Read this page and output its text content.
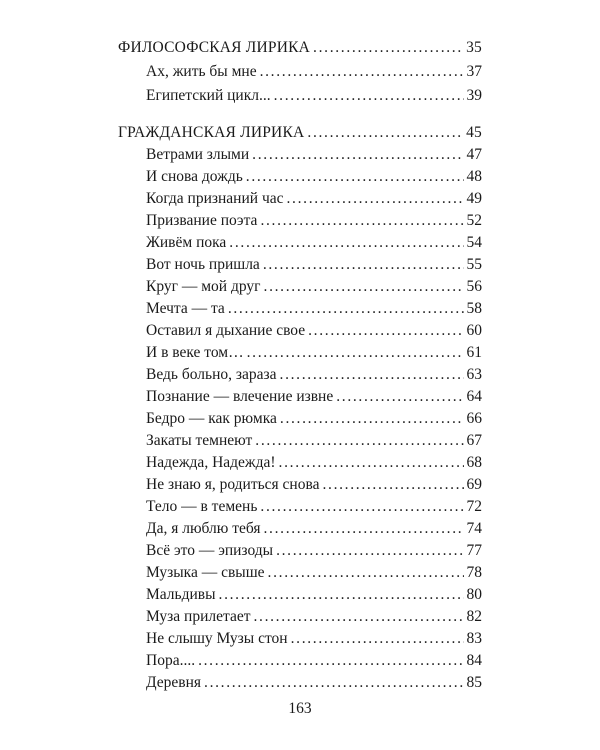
ФИЛОСОФСКАЯ ЛИРИКА . . .	35
Ах, жить бы мне . . .	37
Египетский цикл... . . .	39
ГРАЖДАНСКАЯ ЛИРИКА . . .	45
Ветрами злыми . . .	47
И снова дождь . . .	48
Когда признаний час . . .	49
Призвание поэта . . .	52
Живём пока . . .	54
Вот ночь пришла . . .	55
Круг — мой друг . . .	56
Мечта — та . . .	58
Оставил я дыхание свое . . .	60
И в веке том… . . .	61
Ведь больно, зараза . . .	63
Познание — влечение извне . . .	64
Бедро — как рюмка . . .	66
Закаты темнеют . . .	67
Надежда, Надежда! . . .	68
Не знаю я, родиться снова . . .	69
Тело — в темень . . .	72
Да, я люблю тебя . . .	74
Всё это — эпизоды . . .	77
Музыка — свыше . . .	78
Мальдивы . . .	80
Муза прилетает . . .	82
Не слышу Музы стон . . .	83
Пора.... . . .	84
Деревня . . .	85
163
